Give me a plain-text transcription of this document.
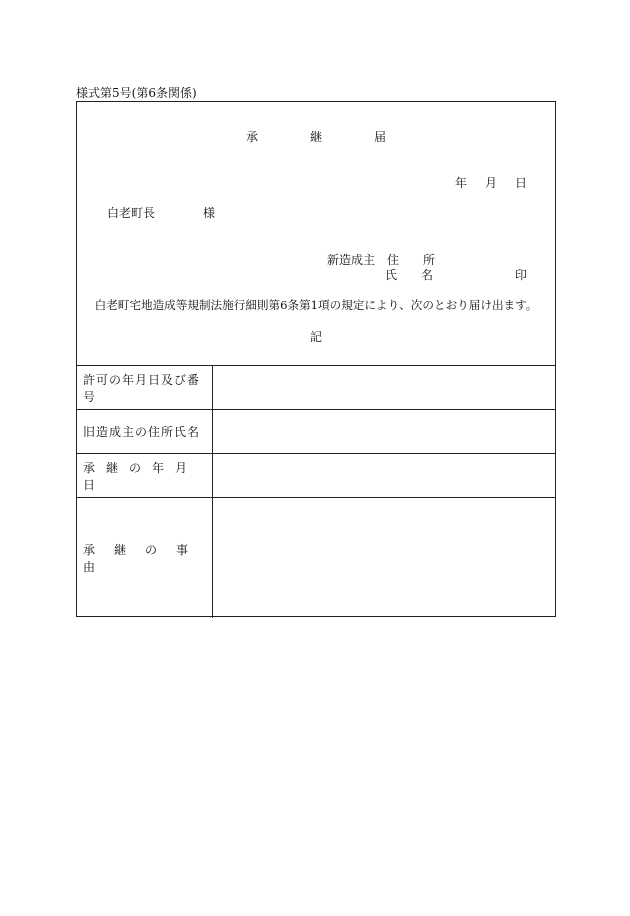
様式第5号(第6条関係)
承	継	届
年 月 日
白老町長	様
新造成主 住　所
氏　名	印
白老町宅地造成等規制法施行細則第6条第1項の規定により、次のとおり届け出ます。
記
許可の年月日及び番号
旧造成主の住所氏名
承継の年月日
承継の事由
